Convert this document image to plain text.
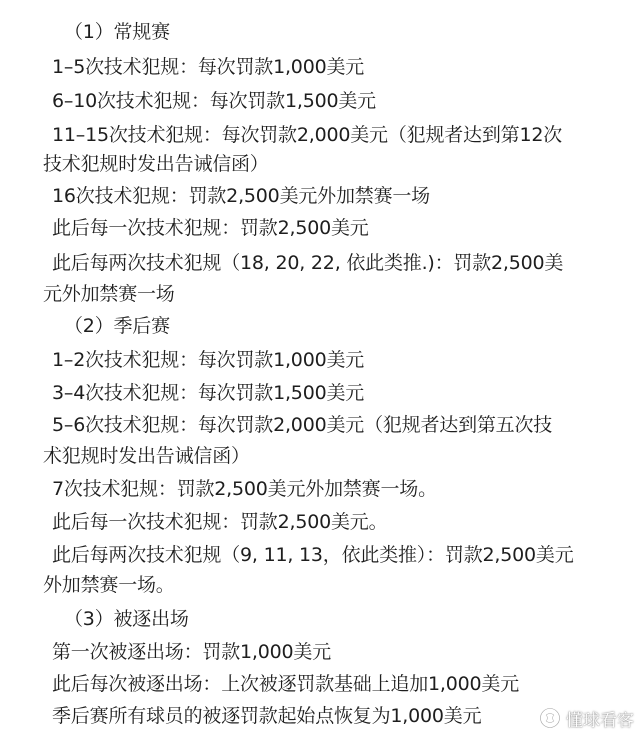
（1）常规赛
1–5次技术犯规：每次罚款1,000美元
6–10次技术犯规：每次罚款1,500美元
11–15次技术犯规：每次罚款2,000美元（犯规者达到第12次
技术犯规时发出告诫信函）
16次技术犯规：罚款2,500美元外加禁赛一场
此后每一次技术犯规：罚款2,500美元
此后每两次技术犯规（18, 20, 22, 依此类推.)：罚款2,500美
元外加禁赛一场
（2）季后赛
1–2次技术犯规：每次罚款1,000美元
3–4次技术犯规：每次罚款1,500美元
5–6次技术犯规：每次罚款2,000美元（犯规者达到第五次技
术犯规时发出告诫信函）
7次技术犯规：罚款2,500美元外加禁赛一场。
此后每一次技术犯规：罚款2,500美元。
此后每两次技术犯规（9, 11, 13，依此类推）：罚款2,500美元
外加禁赛一场。
（3）被逐出场
第一次被逐出场：罚款1,000美元
此后每次被逐出场：上次被逐罚款基础上追加1,000美元
季后赛所有球员的被逐罚款起始点恢复为1,000美元	懂球看客
